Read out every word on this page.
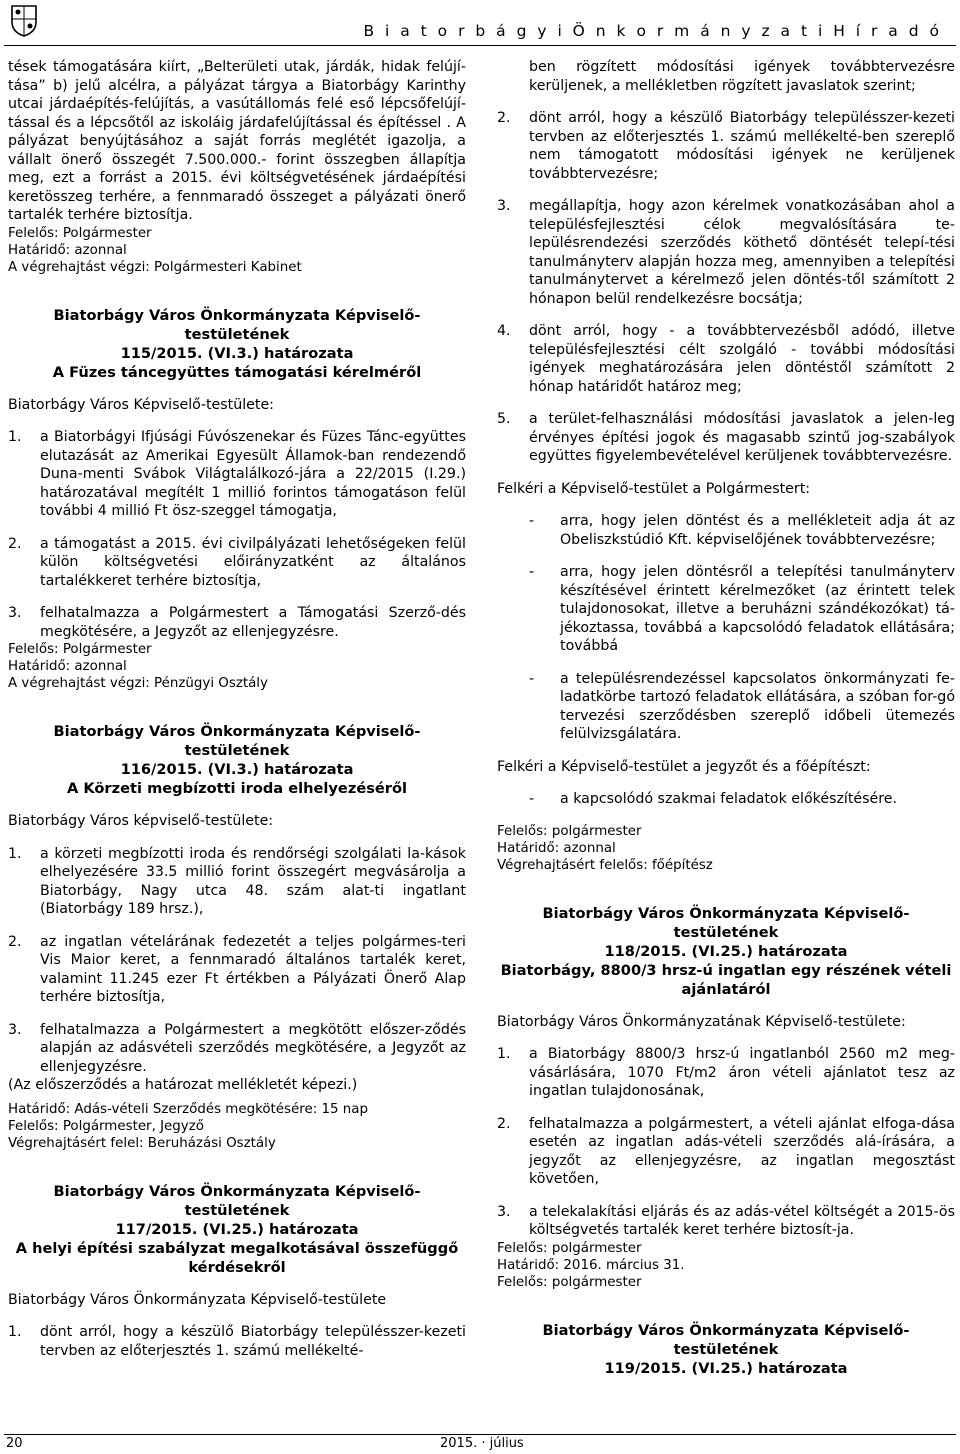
B i a t o r b á g y i Ö n k o r m á n y z a t i H í r a d ó

tések támogatására kiírt, „Belterületi utak, járdák, hidak felújí-tása” b) jelű alcélra, a pályázat tárgya a Biatorbágy Karinthy utcai járdaépítés-felújítás, a vasútállomás felé eső lépcsőfelújí-tással és a lépcsőtől az iskoláig járdafelújítással és építéssel . A pályázat benyújtásához a saját forrás meglétét igazolja, a vállalt önerő összegét 7.500.000.- forint összegben állapítja meg, ezt a forrást a 2015. évi költségvetésének járdaépítési keretösszeg terhére, a fennmaradó összeget a pályázati önerő tartalék terhére biztosítja.

Felelős: Polgármester

Határidő: azonnal

A végrehajtást végzi: Polgármesteri Kabinet

Biatorbágy Város Önkormányzata Képviselő-testületének

115/2015. (VI.3.) határozata

A Füzes táncegyüttes támogatási kérelméről

Biatorbágy Város Képviselő-testülete:

1.	a Biatorbágyi Ifjúsági Fúvószenekar és Füzes Tánc-együttes elutazását az Amerikai Egyesült Államok-ban rendezendő Duna-menti Svábok Világtalálkozó-jára a 22/2015 (I.29.) határozatával megítélt 1 millió forintos támogatáson felül további 4 millió Ft ösz-szeggel támogatja,
2.	a támogatást a 2015. évi civilpályázati lehetőségeken felül külön költségvetési előirányzatként az általános tartalékkeret terhére biztosítja,
3.	felhatalmazza a Polgármestert a Támogatási Szerző-dés megkötésére, a Jegyzőt az ellenjegyzésre.

Felelős: Polgármester

Határidő: azonnal

A végrehajtást végzi: Pénzügyi Osztály

Biatorbágy Város Önkormányzata Képviselő-testületének

116/2015. (VI.3.) határozata

A Körzeti megbízotti iroda elhelyezéséről

Biatorbágy Város képviselő-testülete:

1.	a körzeti megbízotti iroda és rendőrségi szolgálati la-kások elhelyezésére 33.5 millió forint összegért megvásárolja a Biatorbágy, Nagy utca 48. szám alat-ti ingatlant (Biatorbágy 189 hrsz.),
2.	az ingatlan vételárának fedezetét a teljes polgármes-teri Vis Maior keret, a fennmaradó általános tartalék keret, valamint 11.245 ezer Ft értékben a Pályázati Önerő Alap terhére biztosítja,
3.	felhatalmazza a Polgármestert a megkötött előszer-ződés alapján az adásvételi szerződés megkötésére, a Jegyzőt az ellenjegyzésre.

(Az előszerződés a határozat mellékletét képezi.)

Határidő: Adás-vételi Szerződés megkötésére: 15 nap

Felelős: Polgármester, Jegyző

Végrehajtásért felel: Beruházási Osztály

Biatorbágy Város Önkormányzata Képviselő-testületének

117/2015. (VI.25.) határozata

A helyi építési szabályzat megalkotásával összefüggő kérdésekről

Biatorbágy Város Önkormányzata Képviselő-testülete

1.	dönt arról, hogy a készülő Biatorbágy településszer-kezeti tervben az előterjesztés 1. számú mellékelté-
ben rögzített módosítási igények továbbtervezésre kerüljenek, a mellékletben rögzített javaslatok szerint;
2.	dönt arról, hogy a készülő Biatorbágy településszer-kezeti tervben az előterjesztés 1. számú mellékelté-ben szereplő nem támogatott módosítási igények ne kerüljenek továbbtervezésre;
3.	megállapítja, hogy azon kérelmek vonatkozásában ahol a településfejlesztési célok megvalósítására te-lepülésrendezési szerződés köthető döntését telepí-tési tanulmányterv alapján hozza meg, amennyiben a telepítési tanulmánytervet a kérelmező jelen döntés-től számított 2 hónapon belül rendelkezésre bocsátja;
4.	dönt arról, hogy - a továbbtervezésből adódó, illetve településfejlesztési célt szolgáló - további módosítási igények meghatározására jelen döntéstől számított 2 hónap határidőt határoz meg;
5.	a terület-felhasználási módosítási javaslatok a jelen-leg érvényes építési jogok és magasabb szintű jog-szabályok együttes figyelembevételével kerüljenek továbbtervezésre.

Felkéri a Képviselő-testület a Polgármestert:

-	arra, hogy jelen döntést és a mellékleteit adja át az Obeliszkstúdió Kft. képviselőjének továbbtervezésre;
-	arra, hogy jelen döntésről a telepítési tanulmányterv készítésével érintett kérelmezőket (az érintett telek tulajdonosokat, illetve a beruházni szándékozókat) tá-jékoztassa, továbbá a kapcsolódó feladatok ellátására; továbbá
-	a településrendezéssel kapcsolatos önkormányzati fe-ladatkörbe tartozó feladatok ellátására, a szóban for-gó tervezési szerződésben szereplő időbeli ütemezés felülvizsgálatára.

Felkéri a Képviselő-testület a jegyzőt és a főépítészt:

-	a kapcsolódó szakmai feladatok előkészítésére.

Felelős: polgármester

Határidő: azonnal

Végrehajtásért felelős: főépítész

Biatorbágy Város Önkormányzata Képviselő-testületének

118/2015. (VI.25.) határozata

Biatorbágy, 8800/3 hrsz-ú ingatlan egy részének vételi ajánlatáról

Biatorbágy Város Önkormányzatának Képviselő-testülete:

1.	a Biatorbágy 8800/3 hrsz-ú ingatlanból 2560 m2 meg-vásárlására, 1070 Ft/m2 áron vételi ajánlatot tesz az ingatlan tulajdonosának,
2.	felhatalmazza a polgármestert, a vételi ajánlat elfoga-dása esetén az ingatlan adás-vételi szerződés alá-írására, a jegyzőt az ellenjegyzésre, az ingatlan megosztást követően,
3.	a telekalakítási eljárás és az adás-vétel költségét a 2015-ös költségvetés tartalék keret terhére biztosít-ja.

Felelős: polgármester

Határidő: 2016. március 31.

Felelős: polgármester

Biatorbágy Város Önkormányzata Képviselő-testületének

119/2015. (VI.25.) határozata

20	2015. · július
